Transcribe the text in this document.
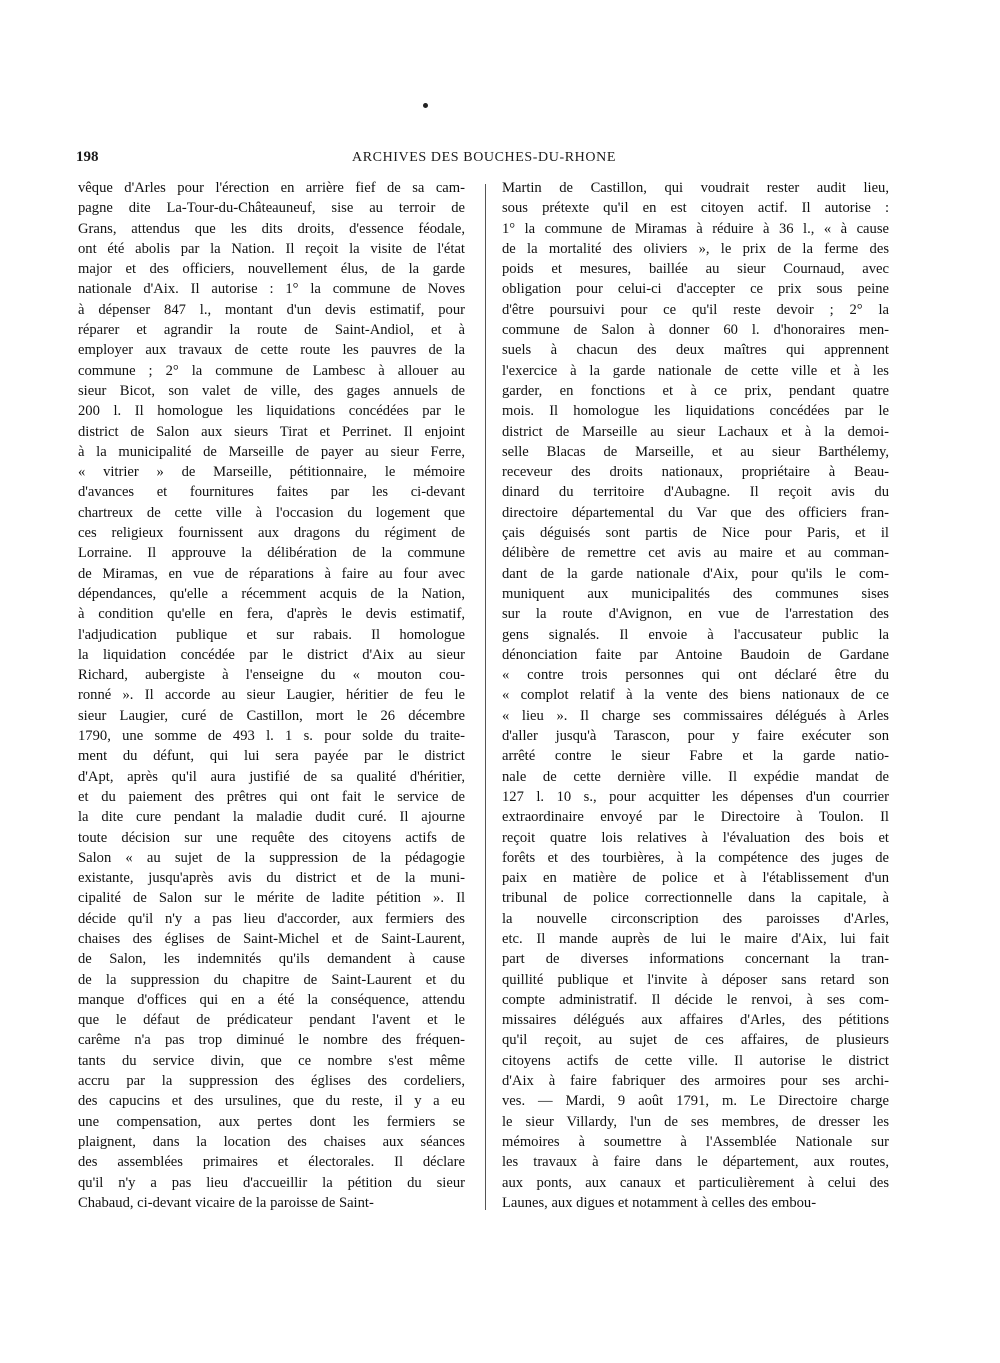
198	ARCHIVES DES BOUCHES-DU-RHONE
vêque d'Arles pour l'érection en arrière fief de sa cam-
pagne dite La-Tour-du-Châteauneuf, sise au terroir de
Grans, attendus que les dits droits, d'essence féodale,
ont été abolis par la Nation. Il reçoit la visite de l'état
major et des officiers, nouvellement élus, de la garde
nationale d'Aix. Il autorise : 1° la commune de Noves
à dépenser 847 l., montant d'un devis estimatif, pour
réparer et agrandir la route de Saint-Andiol, et à
employer aux travaux de cette route les pauvres de la
commune ; 2° la commune de Lambesc à allouer au
sieur Bicot, son valet de ville, des gages annuels de
200 l. Il homologue les liquidations concédées par le
district de Salon aux sieurs Tirat et Perrinet. Il enjoint
à la municipalité de Marseille de payer au sieur Ferre,
« vitrier » de Marseille, pétitionnaire, le mémoire
d'avances et fournitures faites par les ci-devant
chartreux de cette ville à l'occasion du logement que
ces religieux fournissent aux dragons du régiment de
Lorraine. Il approuve la délibération de la commune
de Miramas, en vue de réparations à faire au four avec
dépendances, qu'elle a récemment acquis de la Nation,
à condition qu'elle en fera, d'après le devis estimatif,
l'adjudication publique et sur rabais. Il homologue
la liquidation concédée par le district d'Aix au sieur
Richard, aubergiste à l'enseigne du « mouton cou-
ronné ». Il accorde au sieur Laugier, héritier de feu le
sieur Laugier, curé de Castillon, mort le 26 décembre
1790, une somme de 493 l. 1 s. pour solde du traite-
ment du défunt, qui lui sera payée par le district
d'Apt, après qu'il aura justifié de sa qualité d'héritier,
et du paiement des prêtres qui ont fait le service de
la dite cure pendant la maladie dudit curé. Il ajourne
toute décision sur une requête des citoyens actifs de
Salon « au sujet de la suppression de la pédagogie
existante, jusqu'après avis du district et de la muni-
cipalité de Salon sur le mérite de ladite pétition ». Il
décide qu'il n'y a pas lieu d'accorder, aux fermiers des
chaises des églises de Saint-Michel et de Saint-Laurent,
de Salon, les indemnités qu'ils demandent à cause
de la suppression du chapitre de Saint-Laurent et du
manque d'offices qui en a été la conséquence, attendu
que le défaut de prédicateur pendant l'avent et le
carême n'a pas trop diminué le nombre des fréquen-
tants du service divin, que ce nombre s'est même
accru par la suppression des églises des cordeliers,
des capucins et des ursulines, que du reste, il y a eu
une compensation, aux pertes dont les fermiers se
plaignent, dans la location des chaises aux séances
des assemblées primaires et électorales. Il déclare
qu'il n'y a pas lieu d'accueillir la pétition du sieur
Chabaud, ci-devant vicaire de la paroisse de Saint-
Martin de Castillon, qui voudrait rester audit lieu,
sous prétexte qu'il en est citoyen actif. Il autorise :
1° la commune de Miramas à réduire à 36 l., « à cause
de la mortalité des oliviers », le prix de la ferme des
poids et mesures, baillée au sieur Cournaud, avec
obligation pour celui-ci d'accepter ce prix sous peine
d'être poursuivi pour ce qu'il reste devoir ; 2° la
commune de Salon à donner 60 l. d'honoraires men-
suels à chacun des deux maîtres qui apprennent
l'exercice à la garde nationale de cette ville et à les
garder, en fonctions et à ce prix, pendant quatre
mois. Il homologue les liquidations concédées par le
district de Marseille au sieur Lachaux et à la demoi-
selle Blacas de Marseille, et au sieur Barthélemy,
receveur des droits nationaux, propriétaire à Beau-
dinard du territoire d'Aubagne. Il reçoit avis du
directoire départemental du Var que des officiers fran-
çais déguisés sont partis de Nice pour Paris, et il
délibère de remettre cet avis au maire et au comman-
dant de la garde nationale d'Aix, pour qu'ils le com-
muniquent aux municipalités des communes sises
sur la route d'Avignon, en vue de l'arrestation des
gens signalés. Il envoie à l'accusateur public la
dénonciation faite par Antoine Baudoin de Gardane
« contre trois personnes qui ont déclaré être du
« complot relatif à la vente des biens nationaux de ce
« lieu ». Il charge ses commissaires délégués à Arles
d'aller jusqu'à Tarascon, pour y faire exécuter son
arrêté contre le sieur Fabre et la garde natio-
nale de cette dernière ville. Il expédie mandat de
127 l. 10 s., pour acquitter les dépenses d'un courrier
extraordinaire envoyé par le Directoire à Toulon. Il
reçoit quatre lois relatives à l'évaluation des bois et
forêts et des tourbières, à la compétence des juges de
paix en matière de police et à l'établissement d'un
tribunal de police correctionnelle dans la capitale, à
la nouvelle circonscription des paroisses d'Arles,
etc. Il mande auprès de lui le maire d'Aix, lui fait
part de diverses informations concernant la tran-
quillité publique et l'invite à déposer sans retard son
compte administratif. Il décide le renvoi, à ses com-
missaires délégués aux affaires d'Arles, des pétitions
qu'il reçoit, au sujet de ces affaires, de plusieurs
citoyens actifs de cette ville. Il autorise le district
d'Aix à faire fabriquer des armoires pour ses archi-
ves. — Mardi, 9 août 1791, m. Le Directoire charge
le sieur Villardy, l'un de ses membres, de dresser les
mémoires à soumettre à l'Assemblée Nationale sur
les travaux à faire dans le département, aux routes,
aux ponts, aux canaux et particulièrement à celui des
Launes, aux digues et notamment à celles des embou-
